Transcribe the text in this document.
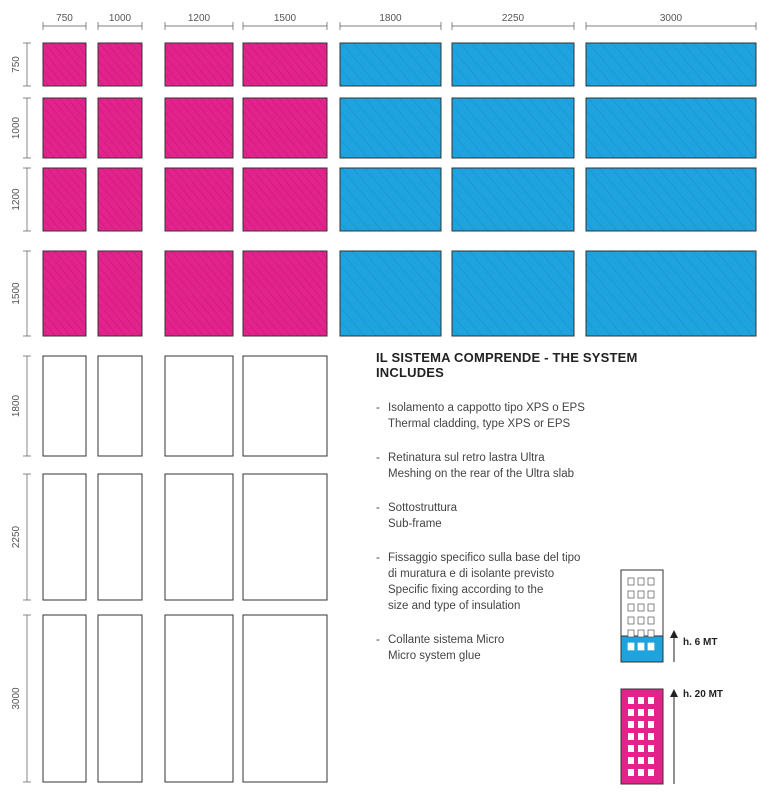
750	1000	1200	1500	1800	2250	3000
750
1000
1200
1500
1800
2250
3000
h. 6 MT
h. 20 MT
IL SISTEMA COMPRENDE - THE SYSTEM INCLUDES
- Isolamento a cappotto tipo XPS o EPS
Thermal cladding, type XPS or EPS
- Retinatura sul retro lastra Ultra
Meshing on the rear of the Ultra slab
- Sottostruttura
Sub-frame
- Fissaggio specifico sulla base del tipo
di muratura e di isolante previsto
Specific fixing according to the
size and type of insulation
- Collante sistema Micro
Micro system glue
